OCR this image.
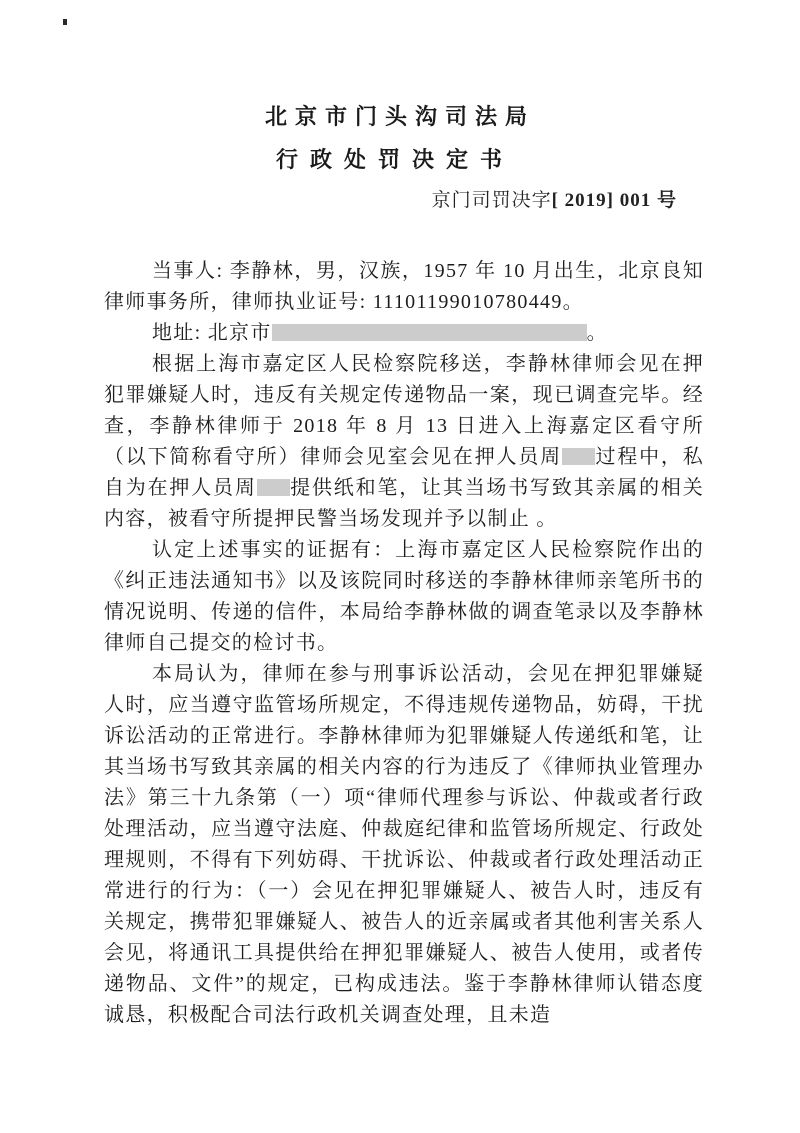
北京市门头沟司法局
行政处罚决定书
京门司罚决字[ 2019] 001 号

当事人: 李静林，男，汉族，1957 年 10 月出生，北京良知律师事务所，律师执业证号: 11101199010780449。

地址: 北京市	。

根据上海市嘉定区人民检察院移送，李静林律师会见在押犯罪嫌疑人时，违反有关规定传递物品一案，现已调查完毕。经查，李静林律师于 2018 年 8 月 13 日进入上海嘉定区看守所（以下简称看守所）律师会见室会见在押人员周 过程中，私自为在押人员周 提供纸和笔，让其当场书写致其亲属的相关内容，被看守所提押民警当场发现并予以制止 。

认定上述事实的证据有：上海市嘉定区人民检察院作出的《纠正违法通知书》以及该院同时移送的李静林律师亲笔所书的情况说明、传递的信件，本局给李静林做的调查笔录以及李静林律师自己提交的检讨书。

本局认为，律师在参与刑事诉讼活动，会见在押犯罪嫌疑人时，应当遵守监管场所规定，不得违规传递物品，妨碍，干扰诉讼活动的正常进行。李静林律师为犯罪嫌疑人传递纸和笔，让其当场书写致其亲属的相关内容的行为违反了《律师执业管理办法》第三十九条第（一）项“律师代理参与诉讼、仲裁或者行政处理活动，应当遵守法庭、仲裁庭纪律和监管场所规定、行政处理规则，不得有下列妨碍、干扰诉讼、仲裁或者行政处理活动正常进行的行为：（一）会见在押犯罪嫌疑人、被告人时，违反有关规定，携带犯罪嫌疑人、被告人的近亲属或者其他利害关系人会见，将通讯工具提供给在押犯罪嫌疑人、被告人使用，或者传递物品、文件”的规定，已构成违法。鉴于李静林律师认错态度诚恳，积极配合司法行政机关调查处理，且未造
